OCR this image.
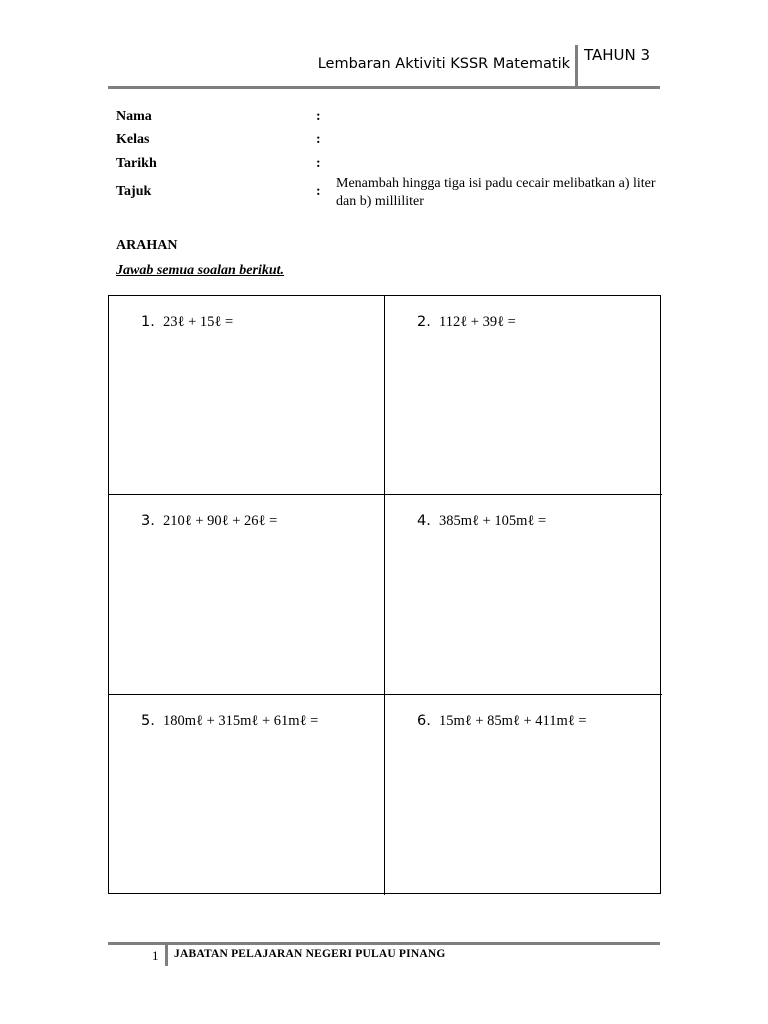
Lembaran Aktiviti KSSR Matematik TAHUN 3
Nama	:
Kelas	:
Tarikh	:
Tajuk	:
Menambah hingga tiga isi padu cecair melibatkan a) liter dan b) milliliter
ARAHAN
Jawab semua soalan berikut.
1. 23ℓ + 15ℓ =	2. 112ℓ + 39ℓ =
3. 210ℓ + 90ℓ + 26ℓ =	4. 385mℓ + 105mℓ =
5. 180mℓ + 315mℓ + 61mℓ =	6. 15mℓ + 85mℓ + 411mℓ =
1 JABATAN PELAJARAN NEGERI PULAU PINANG
